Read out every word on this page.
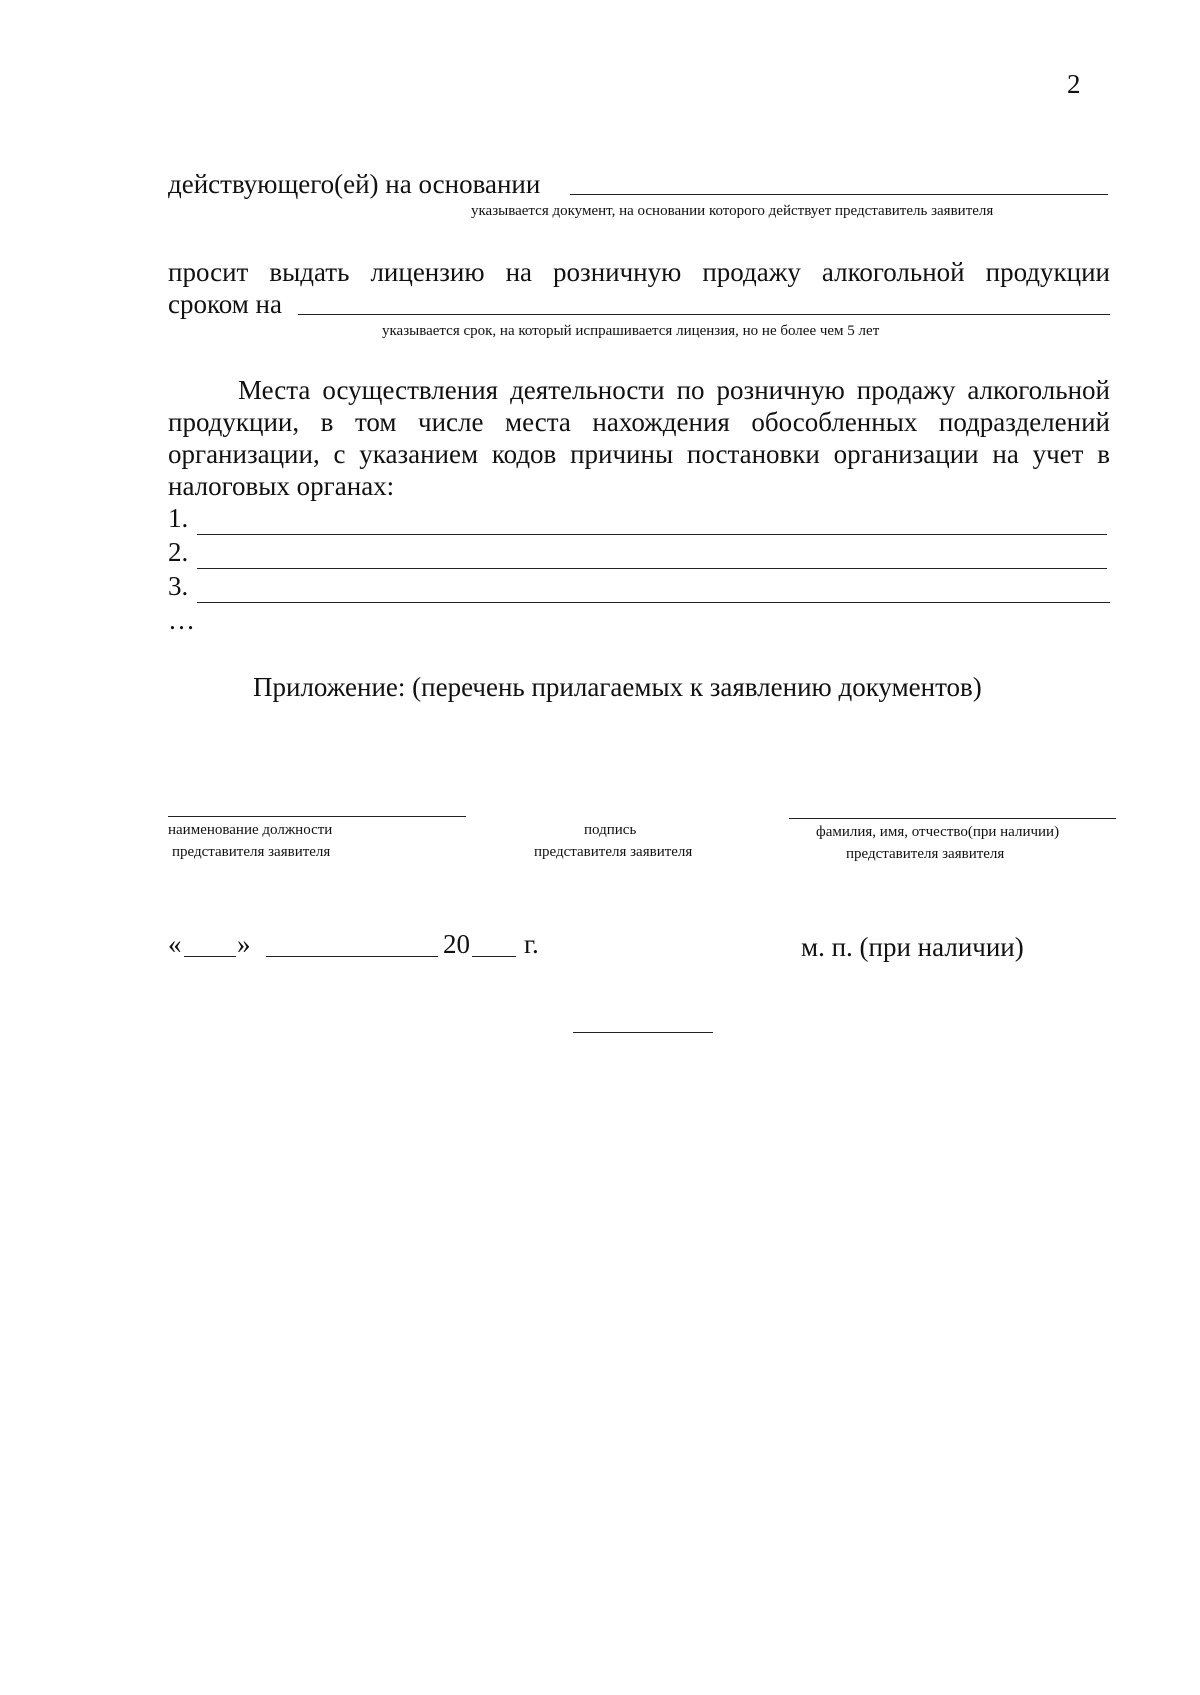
2
действующего(ей) на основании
указывается документ, на основании которого действует представитель заявителя
просит выдать лицензию на розничную продажу алкогольной продукции
сроком на
указывается срок, на который испрашивается лицензия, но не более чем 5 лет
Места осуществления деятельности по розничную продажу алкогольной
продукции, в том числе места нахождения обособленных подразделений
организации, с указанием кодов причины постановки организации на учет в
налоговых органах:
1.
2.
3.
…
Приложение: (перечень прилагаемых к заявлению документов)
наименование должности
представителя заявителя
подпись
представителя заявителя
фамилия, имя, отчество(при наличии)
представителя заявителя
« »	20 г.	м. п. (при наличии)
